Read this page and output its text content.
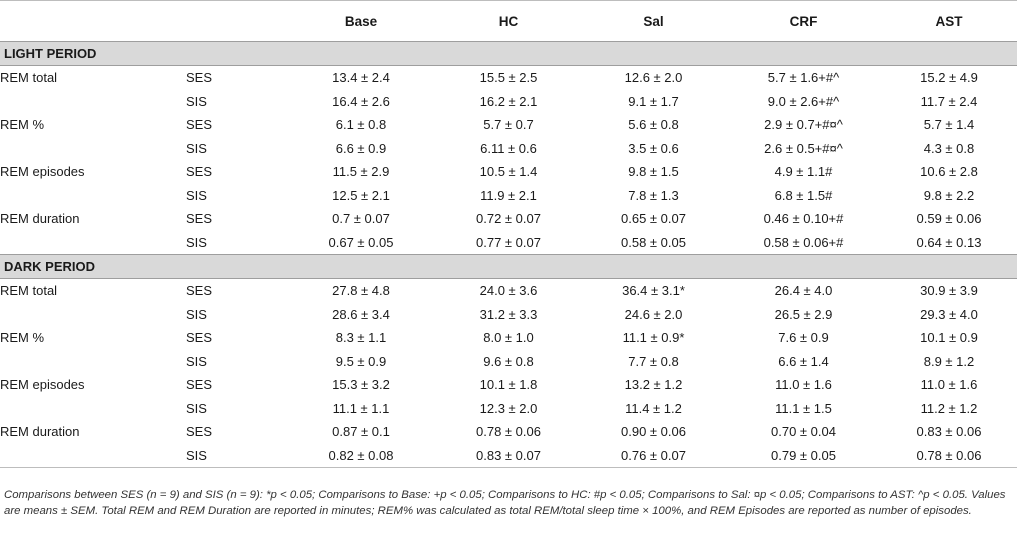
		Base	HC	Sal	CRF	AST
LIGHT PERIOD						
REM total	SES	13.4 ± 2.4	15.5 ± 2.5	12.6 ± 2.0	5.7 ± 1.6+#^	15.2 ± 4.9
	SIS	16.4 ± 2.6	16.2 ± 2.1	9.1 ± 1.7	9.0 ± 2.6+#^	11.7 ± 2.4
REM %	SES	6.1 ± 0.8	5.7 ± 0.7	5.6 ± 0.8	2.9 ± 0.7+#¤^	5.7 ± 1.4
	SIS	6.6 ± 0.9	6.11 ± 0.6	3.5 ± 0.6	2.6 ± 0.5+#¤^	4.3 ± 0.8
REM episodes	SES	11.5 ± 2.9	10.5 ± 1.4	9.8 ± 1.5	4.9 ± 1.1#	10.6 ± 2.8
	SIS	12.5 ± 2.1	11.9 ± 2.1	7.8 ± 1.3	6.8 ± 1.5#	9.8 ± 2.2
REM duration	SES	0.7 ± 0.07	0.72 ± 0.07	0.65 ± 0.07	0.46 ± 0.10+#	0.59 ± 0.06
	SIS	0.67 ± 0.05	0.77 ± 0.07	0.58 ± 0.05	0.58 ± 0.06+#	0.64 ± 0.13
DARK PERIOD						
REM total	SES	27.8 ± 4.8	24.0 ± 3.6	36.4 ± 3.1*	26.4 ± 4.0	30.9 ± 3.9
	SIS	28.6 ± 3.4	31.2 ± 3.3	24.6 ± 2.0	26.5 ± 2.9	29.3 ± 4.0
REM %	SES	8.3 ± 1.1	8.0 ± 1.0	11.1 ± 0.9*	7.6 ± 0.9	10.1 ± 0.9
	SIS	9.5 ± 0.9	9.6 ± 0.8	7.7 ± 0.8	6.6 ± 1.4	8.9 ± 1.2
REM episodes	SES	15.3 ± 3.2	10.1 ± 1.8	13.2 ± 1.2	11.0 ± 1.6	11.0 ± 1.6
	SIS	11.1 ± 1.1	12.3 ± 2.0	11.4 ± 1.2	11.1 ± 1.5	11.2 ± 1.2
REM duration	SES	0.87 ± 0.1	0.78 ± 0.06	0.90 ± 0.06	0.70 ± 0.04	0.83 ± 0.06
	SIS	0.82 ± 0.08	0.83 ± 0.07	0.76 ± 0.07	0.79 ± 0.05	0.78 ± 0.06
Comparisons between SES (n = 9) and SIS (n = 9): *p < 0.05; Comparisons to Base: +p < 0.05; Comparisons to HC: #p < 0.05; Comparisons to Sal: ¤p < 0.05; Comparisons to AST: ^p < 0.05. Values are means ± SEM. Total REM and REM Duration are reported in minutes; REM% was calculated as total REM/total sleep time × 100%, and REM Episodes are reported as number of episodes.
